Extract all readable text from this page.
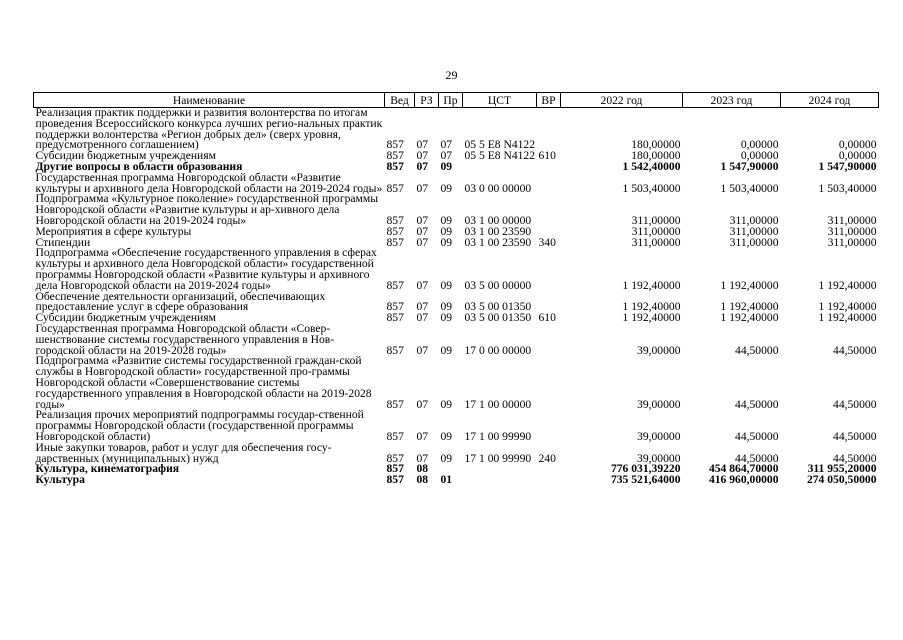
29
Наименование	Вед	РЗ	Пр	ЦСТ	ВР	2022 год	2023 год	2024 год
Реализация практик поддержки и развития волонтерства по итогам проведения Всероссийского конкурса лучших регио-нальных практик поддержки волонтерства «Регион добрых дел» (сверх уровня, предусмотренного соглашением)	857	07	07	05 5 E8 N4122		180,00000	0,00000	0,00000
Субсидии бюджетным учреждениям	857	07	07	05 5 E8 N4122	610	180,00000	0,00000	0,00000
Другие вопросы в области образования	857	07	09			1 542,40000	1 547,90000	1 547,90000
Государственная программа Новгородской области «Развитие культуры и архивного дела Новгородской области на 2019-2024 годы»	857	07	09	03 0 00 00000		1 503,40000	1 503,40000	1 503,40000
Подпрограмма «Культурное поколение» государственной программы Новгородской области «Развитие культуры и ар-хивного дела Новгородской области на 2019-2024 годы»	857	07	09	03 1 00 00000		311,00000	311,00000	311,00000
Мероприятия в сфере культуры	857	07	09	03 1 00 23590		311,00000	311,00000	311,00000
Стипендии	857	07	09	03 1 00 23590	340	311,00000	311,00000	311,00000
Подпрограмма «Обеспечение государственного управления в сферах культуры и архивного дела Новгородской области» государственной программы Новгородской области «Развитие культуры и архивного дела Новгородской области на 2019-2024 годы»	857	07	09	03 5 00 00000		1 192,40000	1 192,40000	1 192,40000
Обеспечение деятельности организаций, обеспечивающих предоставление услуг в сфере образования	857	07	09	03 5 00 01350		1 192,40000	1 192,40000	1 192,40000
Субсидии бюджетным учреждениям	857	07	09	03 5 00 01350	610	1 192,40000	1 192,40000	1 192,40000
Государственная программа Новгородской области «Совер-шенствование системы государственного управления в Нов-городской области на 2019-2028 годы»	857	07	09	17 0 00 00000		39,00000	44,50000	44,50000
Подпрограмма «Развитие системы государственной граждан-ской службы в Новгородской области» государственной про-граммы Новгородской области «Совершенствование системы государственного управления в Новгородской области на 2019-2028 годы»	857	07	09	17 1 00 00000		39,00000	44,50000	44,50000
Реализация прочих мероприятий подпрограммы государ-ственной программы Новгородской области (государственной программы Новгородской области)	857	07	09	17 1 00 99990		39,00000	44,50000	44,50000
Иные закупки товаров, работ и услуг для обеспечения госу-дарственных (муниципальных) нужд	857	07	09	17 1 00 99990	240	39,00000	44,50000	44,50000
Культура, кинематография	857	08				776 031,39220	454 864,70000	311 955,20000
Культура	857	08	01			735 521,64000	416 960,00000	274 050,50000
